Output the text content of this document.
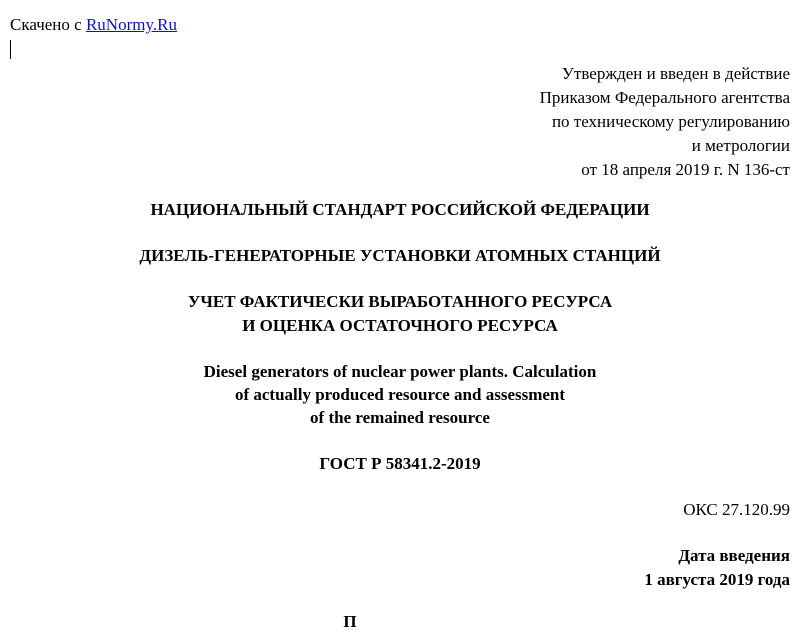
Скачено с RuNormy.Ru
Утвержден и введен в действие
Приказом Федерального агентства
по техническому регулированию
и метрологии
от 18 апреля 2019 г. N 136-ст
НАЦИОНАЛЬНЫЙ СТАНДАРТ РОССИЙСКОЙ ФЕДЕРАЦИИ
ДИЗЕЛЬ-ГЕНЕРАТОРНЫЕ УСТАНОВКИ АТОМНЫХ СТАНЦИЙ
УЧЕТ ФАКТИЧЕСКИ ВЫРАБОТАННОГО РЕСУРСА
И ОЦЕНКА ОСТАТОЧНОГО РЕСУРСА
Diesel generators of nuclear power plants. Calculation
of actually produced resource and assessment
of the remained resource
ГОСТ Р 58341.2-2019
ОКС 27.120.99
Дата введения
1 августа 2019 года
П
